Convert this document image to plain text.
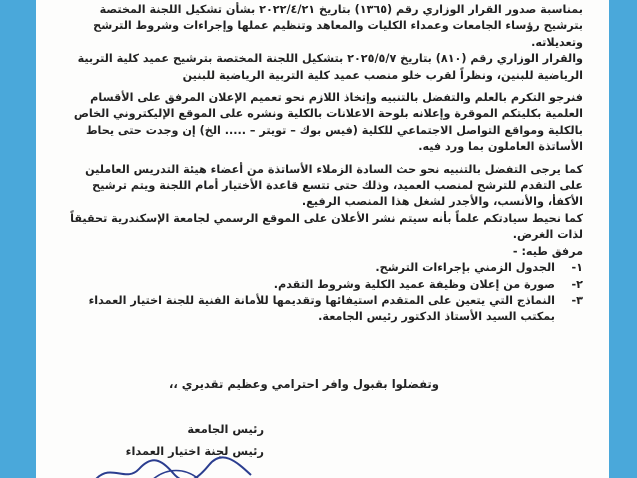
بمناسبة صدور القرار الوزاري رقم (١٣٦٥) بتاريخ ٢٠٢٢/٤/٢١ بشأن تشكيل اللجنة المختصة بترشيح رؤساء الجامعات وعمداء الكليات والمعاهد وتنظيم عملها وإجراءات وشروط الترشح وتعديلاته.

والقرار الوزاري رقم (٨١٠) بتاريخ ٢٠٢٥/٥/٧ بتشكيل اللجنة المختصة بترشيح عميد كلية التربية الرياضية للبنين، ونظراً لقرب خلو منصب عميد كلية التربية الرياضية للبنين

فنرجو التكرم بالعلم والتفضل بالتنبيه وإتخاذ اللازم نحو تعميم الإعلان المرفق على الأقسام العلمية بكليتكم الموقرة وإعلانه بلوحة الاعلانات بالكلية ونشره على الموقع الإليكتروني الخاص بالكلية ومواقع التواصل الاجتماعي للكلية (فيس بوك – تويتر – ..... الخ) إن وجدت حتى يحاط الأساتذة العاملون بما ورد فيه.

كما يرجى التفضل بالتنبيه نحو حث السادة الزملاء الأساتذة من أعضاء هيئة التدريس العاملين على التقدم للترشح لمنصب العميد، وذلك حتى تتسع قاعدة الأختيار أمام اللجنة ويتم ترشيح الأكفأ، والأنسب، والأجدر لشغل هذا المنصب الرفيع.

كما نحيط سيادتكم علماً بأنه سيتم نشر الأعلان على الموقع الرسمي لجامعة الإسكندرية تحقيقاً لذات الغرض.

مرفق طيه: -

١-
الجدول الزمني بإجراءات الترشح.
٢-
صورة من إعلان وظيفة عميد الكلية وشروط التقدم.
٣-
النماذج التي يتعين على المتقدم استيفائها وتقديمها للأمانة الفنية للجنة اختيار العمداء بمكتب السيد الأستاذ الدكتور رئيس الجامعة.
وتفضلوا بقبول وافر احترامي وعظيم تقديري ،،
رئيس الجامعة
رئيس لجنة اختيار العمداء
